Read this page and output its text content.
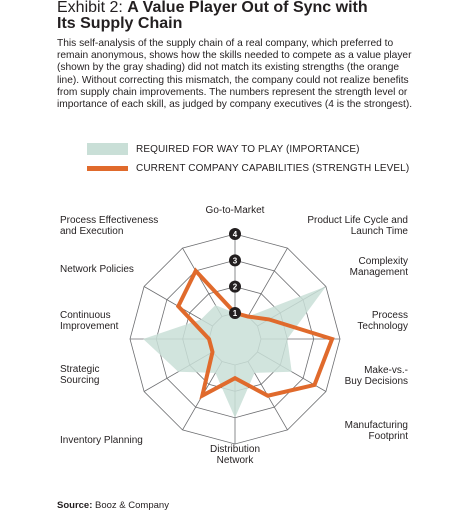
Exhibit 2: A Value Player Out of Sync with
Its Supply Chain
This self-analysis of the supply chain of a real company, which preferred to remain anonymous, shows how the skills needed to compete as a value player (shown by the gray shading) did not match its existing strengths (the orange line). Without correcting this mismatch, the company could not realize benefits from supply chain improvements. The numbers represent the strength level or importance of each skill, as judged by company executives (4 is the strongest).
REQUIRED FOR WAY TO PLAY (IMPORTANCE)
CURRENT COMPANY CAPABILITIES (STRENGTH LEVEL)
1
2
3
4
Go-to-Market
Product Life Cycle and Launch Time
Complexity Management
Process Technology
Make-vs.-Buy Decisions
Manufacturing Footprint
Distribution Network
Inventory Planning
Strategic Sourcing
Continuous Improvement
Network Policies
Process Effectiveness and Execution
Source: Booz & Company
